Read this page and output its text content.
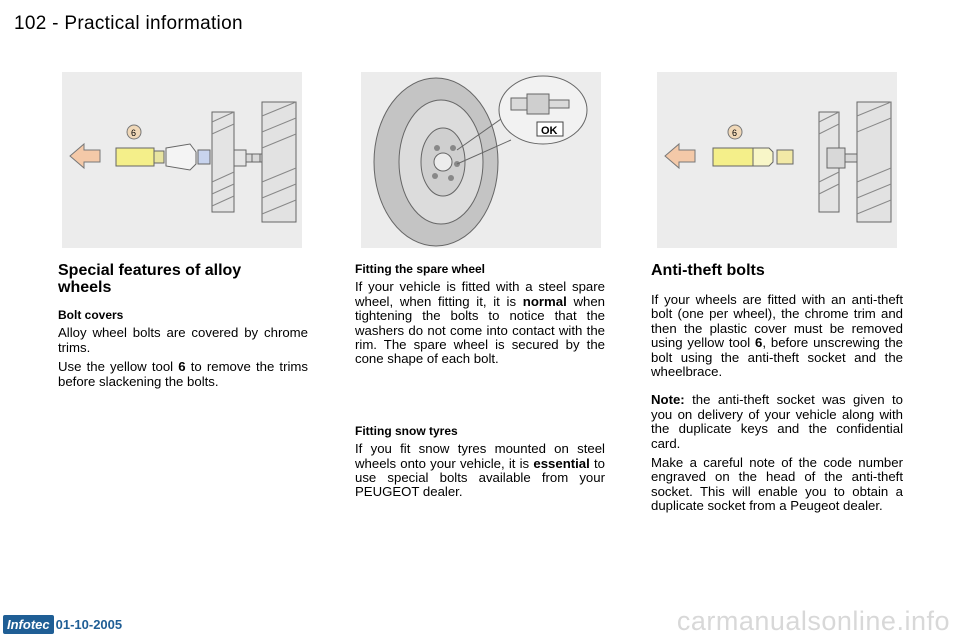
102 - Practical information
6	OK	6
Special features of alloy wheels
Bolt covers

Alloy wheel bolts are covered by chrome trims.

Use the yellow tool 6 to remove the trims before slackening the bolts.

Fitting the spare wheel

If your vehicle is fitted with a steel spare wheel, when fitting it, it is normal when tightening the bolts to notice that the washers do not come into contact with the rim. The spare wheel is secured by the cone shape of each bolt.

Fitting snow tyres

If you fit snow tyres mounted on steel wheels onto your vehicle, it is essential to use special bolts available from your PEUGEOT dealer.

Anti-theft bolts

If your wheels are fitted with an anti-theft bolt (one per wheel), the chrome trim and then the plastic cover must be removed using yellow tool 6, before unscrewing the bolt using the anti-theft socket and the wheelbrace.

Note: the anti-theft socket was given to you on delivery of your vehicle along with the duplicate keys and the confidential card.

Make a careful note of the code number engraved on the head of the anti-theft socket. This will enable you to obtain a duplicate socket from a Peugeot dealer.

Infotec 01-10-2005	carmanualsonline.info
